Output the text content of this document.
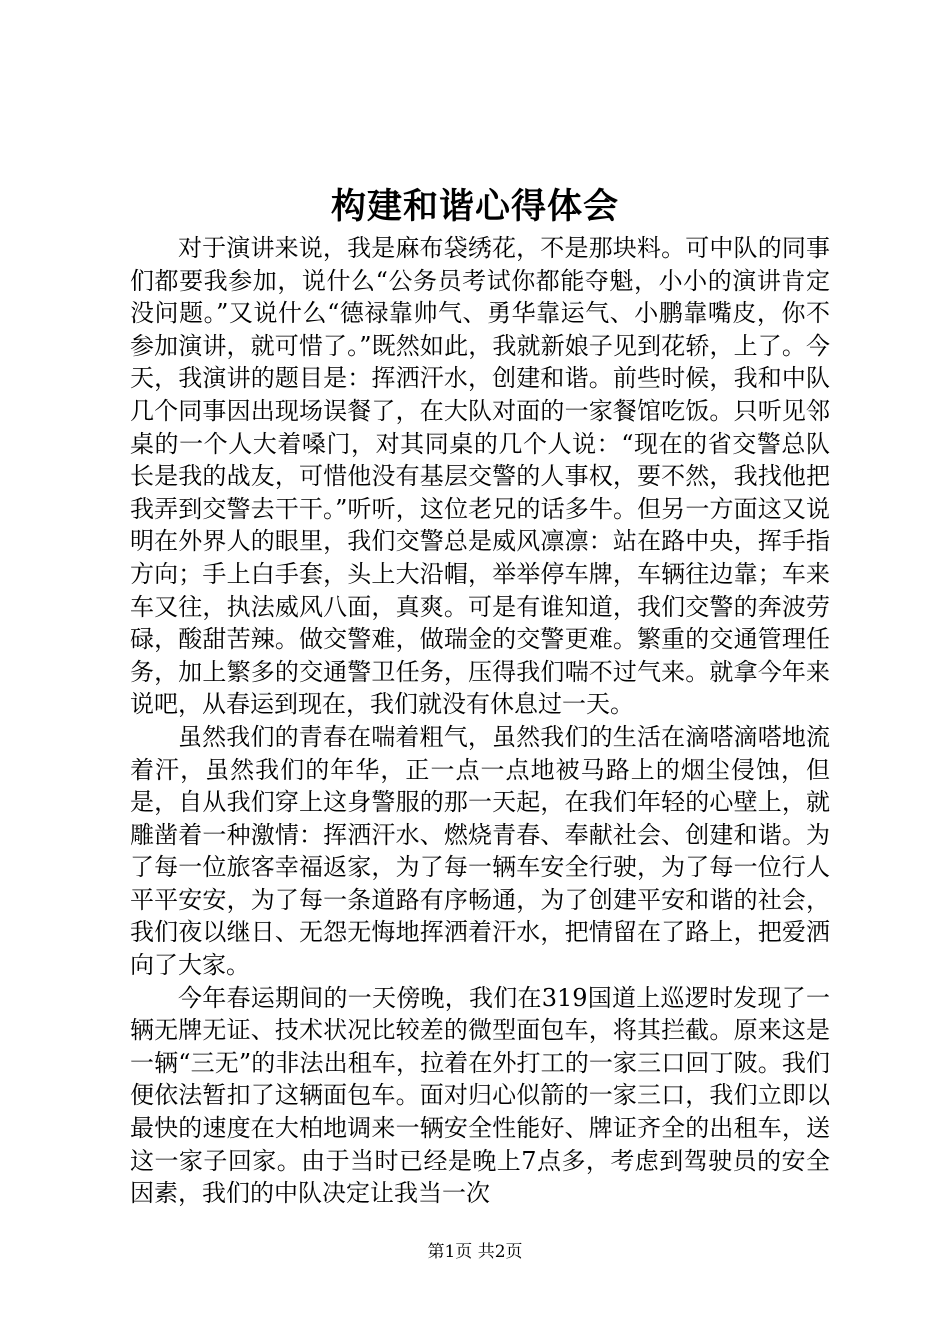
构建和谐心得体会

对于演讲来说，我是麻布袋绣花，不是那块料。可中队的同事们都要我参加，说什么“公务员考试你都能夺魁，小小的演讲肯定没问题。”又说什么“德禄靠帅气、勇华靠运气、小鹏靠嘴皮，你不参加演讲，就可惜了。”既然如此，我就新娘子见到花轿，上了。今天，我演讲的题目是：挥洒汗水，创建和谐。前些时候，我和中队几个同事因出现场误餐了，在大队对面的一家餐馆吃饭。只听见邻桌的一个人大着嗓门，对其同桌的几个人说：“现在的省交警总队长是我的战友，可惜他没有基层交警的人事权，要不然，我找他把我弄到交警去干干。”听听，这位老兄的话多牛。但另一方面这又说明在外界人的眼里，我们交警总是威风凛凛：站在路中央，挥手指方向；手上白手套，头上大沿帽，举举停车牌，车辆往边靠；车来车又往，执法威风八面，真爽。可是有谁知道，我们交警的奔波劳碌，酸甜苦辣。做交警难，做瑞金的交警更难。繁重的交通管理任务，加上繁多的交通警卫任务，压得我们喘不过气来。就拿今年来说吧，从春运到现在，我们就没有休息过一天。

虽然我们的青春在喘着粗气，虽然我们的生活在滴嗒滴嗒地流着汗，虽然我们的年华，正一点一点地被马路上的烟尘侵蚀，但是，自从我们穿上这身警服的那一天起，在我们年轻的心壁上，就雕凿着一种激情：挥洒汗水、燃烧青春、奉献社会、创建和谐。为了每一位旅客幸福返家，为了每一辆车安全行驶，为了每一位行人平平安安，为了每一条道路有序畅通，为了创建平安和谐的社会，我们夜以继日、无怨无悔地挥洒着汗水，把情留在了路上，把爱洒向了大家。

今年春运期间的一天傍晚，我们在319国道上巡逻时发现了一辆无牌无证、技术状况比较差的微型面包车，将其拦截。原来这是一辆“三无”的非法出租车，拉着在外打工的一家三口回丁陂。我们便依法暂扣了这辆面包车。面对归心似箭的一家三口，我们立即以最快的速度在大柏地调来一辆安全性能好、牌证齐全的出租车，送这一家子回家。由于当时已经是晚上7点多，考虑到驾驶员的安全因素，我们的中队决定让我当一次

第1页 共2页
